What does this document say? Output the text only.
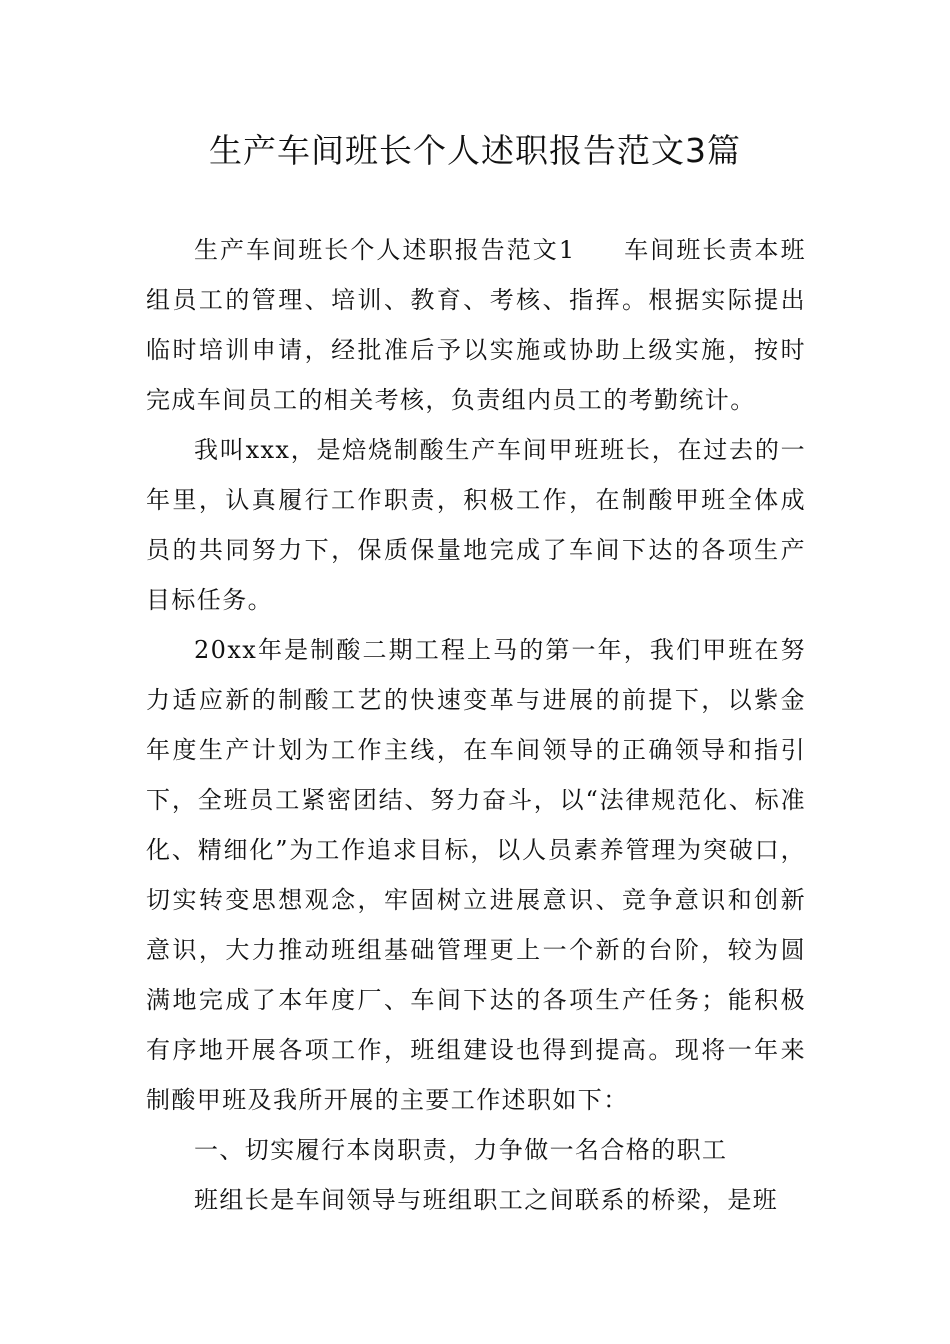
生产车间班长个人述职报告范文3篇

生产车间班长个人述职报告范文1 车间班长责本班组员工的管理、培训、教育、考核、指挥。根据实际提出临时培训申请，经批准后予以实施或协助上级实施，按时完成车间员工的相关考核，负责组内员工的考勤统计。

我叫xxx，是焙烧制酸生产车间甲班班长，在过去的一年里，认真履行工作职责，积极工作，在制酸甲班全体成员的共同努力下，保质保量地完成了车间下达的各项生产目标任务。

20xx年是制酸二期工程上马的第一年，我们甲班在努力适应新的制酸工艺的快速变革与进展的前提下，以紫金年度生产计划为工作主线，在车间领导的正确领导和指引下，全班员工紧密团结、努力奋斗，以“法律规范化、标准化、精细化”为工作追求目标，以人员素养管理为突破口，切实转变思想观念，牢固树立进展意识、竞争意识和创新意识，大力推动班组基础管理更上一个新的台阶，较为圆满地完成了本年度厂、车间下达的各项生产任务；能积极有序地开展各项工作，班组建设也得到提高。现将一年来制酸甲班及我所开展的主要工作述职如下：

一、切实履行本岗职责，力争做一名合格的职工

班组长是车间领导与班组职工之间联系的桥梁，是班
